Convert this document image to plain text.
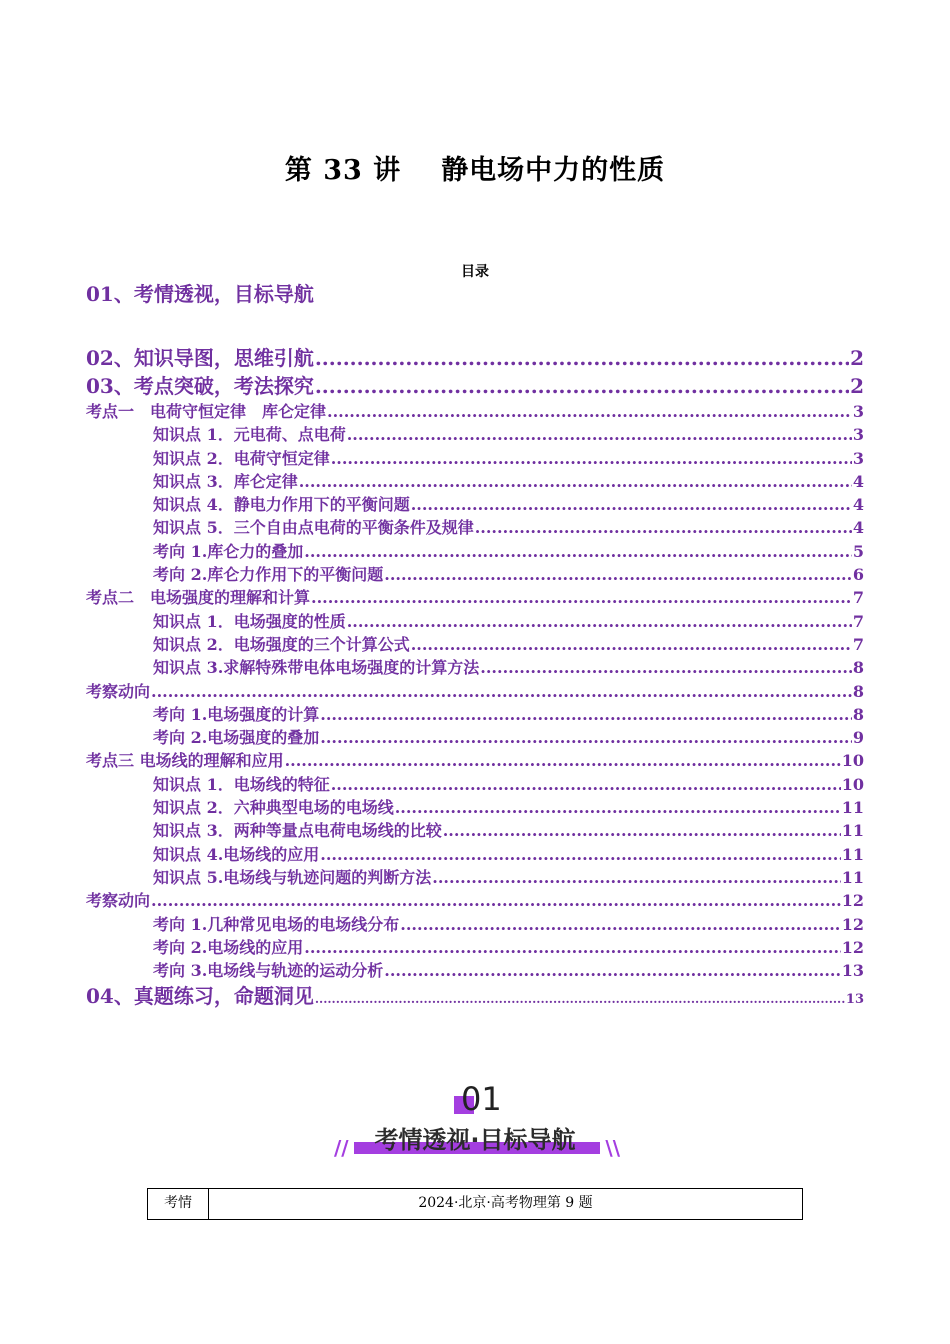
第 33 讲 静电场中力的性质
目录
01、考情透视，目标导航
02、知识导图，思维引航 .....	2
03、考点突破，考法探究 .....	2
考点一　电荷守恒定律　库仑定律 .....	3
知识点 1．元电荷、点电荷 .....	3
知识点 2．电荷守恒定律 .....	3
知识点 3．库仑定律 .....	4
知识点 4．静电力作用下的平衡问题 .....	4
知识点 5．三个自由点电荷的平衡条件及规律 .....	4
考向 1.库仑力的叠加 .....	5
考向 2.库仑力作用下的平衡问题 .....	6
考点二　电场强度的理解和计算 .....	7
知识点 1．电场强度的性质 .....	7
知识点 2．电场强度的三个计算公式 .....	7
知识点 3.求解特殊带电体电场强度的计算方法 .....	8
考察动向 .....	8
考向 1.电场强度的计算 .....	8
考向 2.电场强度的叠加 .....	9
考点三 电场线的理解和应用 .....	10
知识点 1．电场线的特征 .....	10
知识点 2．六种典型电场的电场线 .....	11
知识点 3．两种等量点电荷电场线的比较 .....	11
知识点 4.电场线的应用 .....	11
知识点 5.电场线与轨迹问题的判断方法 .....	11
考察动向 .....	12
考向 1.几种常见电场的电场线分布 .....	12
考向 2.电场线的应用 .....	12
考向 3.电场线与轨迹的运动分析 .....	13
04、真题练习，命题洞见 .....	13
01
//	考情透视·目标导航	\\
考情	2024·北京·高考物理第 9 题
